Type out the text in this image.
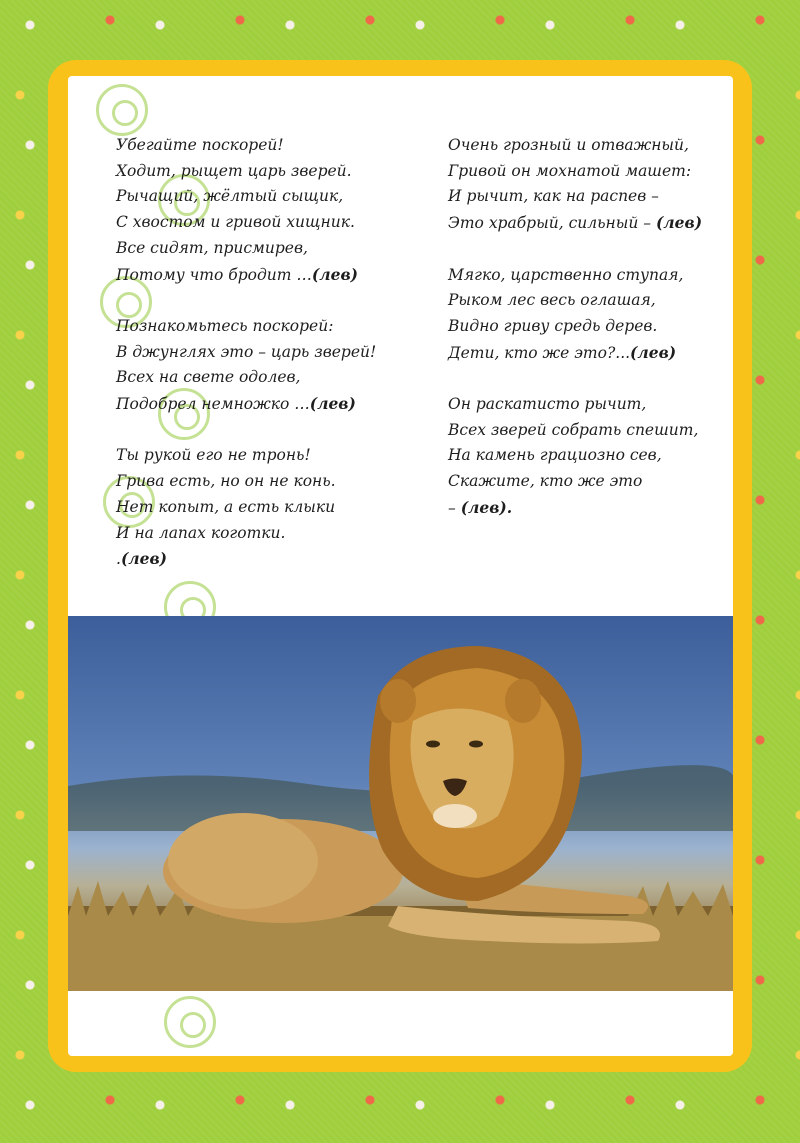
Убегайте поскорей!
Ходит, рыщет царь зверей.
Рычащий, жёлтый сыщик,
С хвостом и гривой хищник.
Все сидят, присмирев,
Потому что бродит …(лев)
Познакомьтесь поскорей:
В джунглях это – царь зверей!
Всех на свете одолев,
Подобрел немножко …(лев)
Ты рукой его не тронь!
Грива есть, но он не конь.
Нет копыт, а есть клыки
И на лапах коготки.
.(лев)
Очень грозный и отважный,
Гривой он мохнатой машет:
И рычит, как на распев –
Это храбрый, сильный – (лев)
Мягко, царственно ступая,
Рыком лес весь оглашая,
Видно гриву средь дерев.
Дети, кто же это?...(лев)
Он раскатисто рычит,
Всех зверей собрать спешит,
На камень грациозно сев,
Скажите, кто же это
– (лев).
